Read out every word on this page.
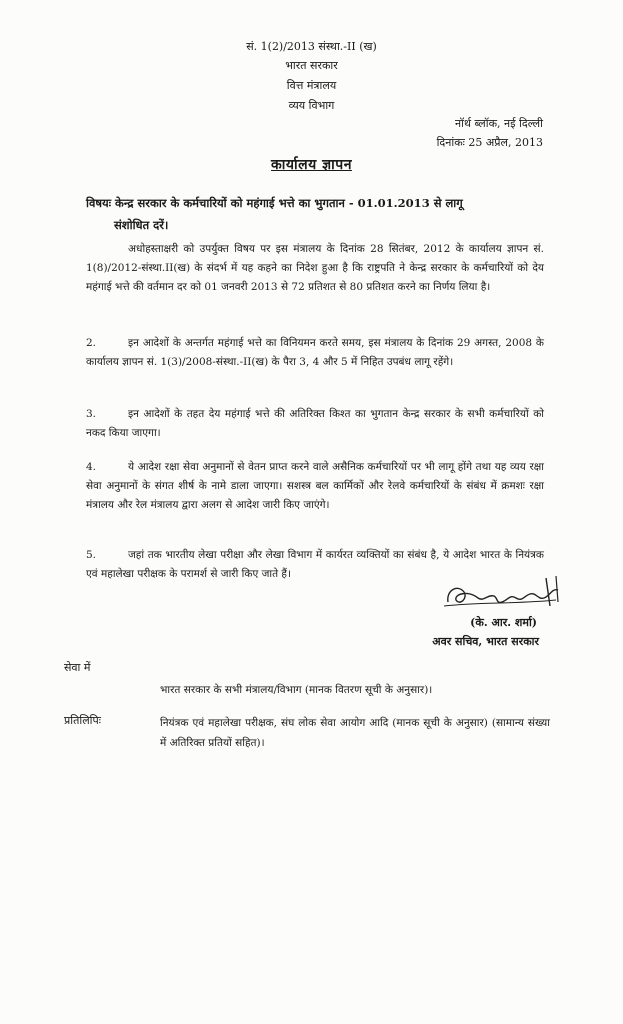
सं. 1(2)/2013 संस्था.-II (ख)
भारत सरकार
वित्त मंत्रालय
व्यय विभाग
नॉर्थ ब्लॉक, नई दिल्ली
दिनांकः 25 अप्रैल, 2013
कार्यालय ज्ञापन
विषयः केन्द्र सरकार के कर्मचारियों को महंगाई भत्ते का भुगतान - 01.01.2013 से लागू
संशोधित दरें।
अधोहस्ताक्षरी को उपर्युक्त विषय पर इस मंत्रालय के दिनांक 28 सितंबर, 2012 के कार्यालय ज्ञापन सं. 1(8)/2012-संस्था.II(ख) के संदर्भ में यह कहने का निदेश हुआ है कि राष्ट्रपति ने केन्द्र सरकार के कर्मचारियों को देय महंगाई भत्ते की वर्तमान दर को 01 जनवरी 2013 से 72 प्रतिशत से 80 प्रतिशत करने का निर्णय लिया है।
2.	इन आदेशों के अन्तर्गत महंगाई भत्ते का विनियमन करते समय, इस मंत्रालय के दिनांक 29 अगस्त, 2008 के कार्यालय ज्ञापन सं. 1(3)/2008-संस्था.-II(ख) के पैरा 3, 4 और 5 में निहित उपबंध लागू रहेंगे।
3.	इन आदेशों के तहत देय महंगाई भत्ते की अतिरिक्त किश्त का भुगतान केन्द्र सरकार के सभी कर्मचारियों को नकद किया जाएगा।
4.	ये आदेश रक्षा सेवा अनुमानों से वेतन प्राप्त करने वाले असैनिक कर्मचारियों पर भी लागू होंगे तथा यह व्यय रक्षा सेवा अनुमानों के संगत शीर्ष के नामे डाला जाएगा। सशस्त्र बल कार्मिकों और रेलवे कर्मचारियों के संबंध में क्रमशः रक्षा मंत्रालय और रेल मंत्रालय द्वारा अलग से आदेश जारी किए जाएंगे।
5.	जहां तक भारतीय लेखा परीक्षा और लेखा विभाग में कार्यरत व्यक्तियों का संबंध है, ये आदेश भारत के नियंत्रक एवं महालेखा परीक्षक के परामर्श से जारी किए जाते हैं।
(के. आर. शर्मा)
अवर सचिव, भारत सरकार
सेवा में
भारत सरकार के सभी मंत्रालय/विभाग (मानक वितरण सूची के अनुसार)।
प्रतिलिपिः	नियंत्रक एवं महालेखा परीक्षक, संघ लोक सेवा आयोग आदि (मानक सूची के अनुसार) (सामान्य संख्या में अतिरिक्त प्रतियों सहित)।
